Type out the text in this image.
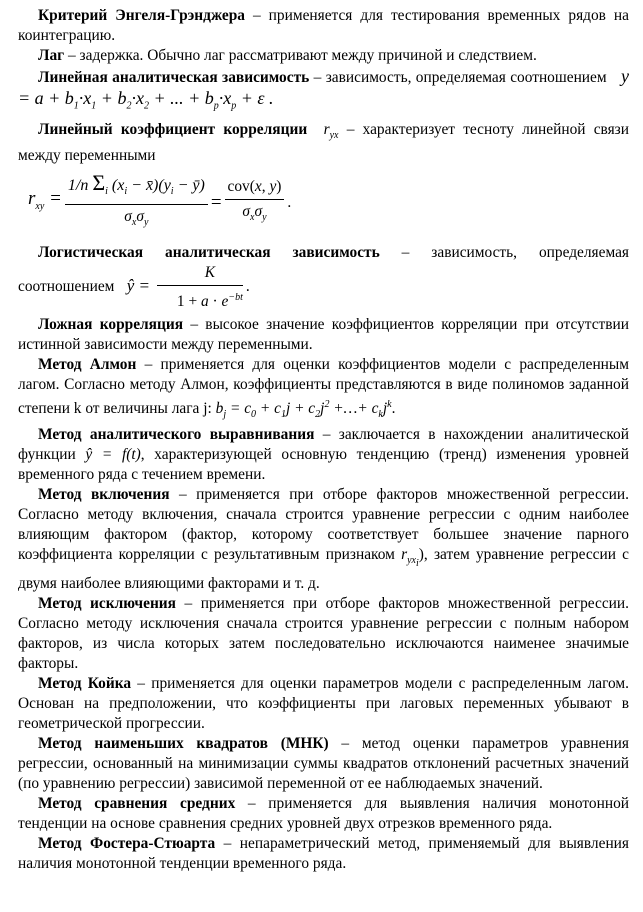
Критерий Энгеля-Грэнджера – применяется для тестирования временных рядов на коинтеграцию.

Лаг – задержка. Обычно лаг рассматривают между причиной и следствием.

Линейная аналитическая зависимость – зависимость, определяемая соотношением   $y = a + b_1\cdot x_1 + b_2\cdot x_2$ + ... + $b_p\cdot x_p + \varepsilon$ .

Линейный коэффициент корреляции  $r_{yx}$ – характеризует тесноту линейной связи между переменными

$r_{xy}$ =
1/n $\Sigma_i$ ($x_i$ − $x̄)(y_i$ − ȳ)
$\sigma_x\sigma_y$
=
cov(x, y)
$\sigma_x\sigma_y$
.

Логистическая аналитическая зависимость – зависимость, определяемая соотношением   ŷ = $\frac{K}{1 + a \cdot e^{-bt}}$ .

Ложная корреляция – высокое значение коэффициентов корреляции при отсутствии истинной зависимости между переменными.

Метод Алмон – применяется для оценки коэффициентов модели с распределенным лагом. Согласно методу Алмон, коэффициенты представляются в виде полиномов заданной степени k от величины лага j: $b_j = c_0 + c_1j + c_2j^2$ +…+ $c_kj^k$.

Метод аналитического выравнивания – заключается в нахождении аналитической функции ŷ = f(t), характеризующей основную тенденцию (тренд) изменения уровней временного ряда с течением времени.

Метод включения – применяется при отборе факторов множественной регрессии. Согласно методу включения, сначала строится уравнение регрессии с одним наиболее влияющим фактором (фактор, которому соответствует большее значение парного коэффициента корреляции с результативным признаком $r_{yx_i}$), затем уравнение регрессии с двумя наиболее влияющими факторами и т. д.

Метод исключения – применяется при отборе факторов множественной регрессии. Согласно методу исключения сначала строится уравнение регрессии с полным набором факторов, из числа которых затем последовательно исключаются наименее значимые факторы.

Метод Койка – применяется для оценки параметров модели с распределенным лагом. Основан на предположении, что коэффициенты при лаговых переменных убывают в геометрической прогрессии.

Метод наименьших квадратов (МНК) – метод оценки параметров уравнения регрессии, основанный на минимизации суммы квадратов отклонений расчетных значений (по уравнению регрессии) зависимой переменной от ее наблюдаемых значений.

Метод сравнения средних – применяется для выявления наличия монотонной тенденции на основе сравнения средних уровней двух отрезков временного ряда.

Метод Фостера-Стюарта – непараметрический метод, применяемый для выявления наличия монотонной тенденции временного ряда.
